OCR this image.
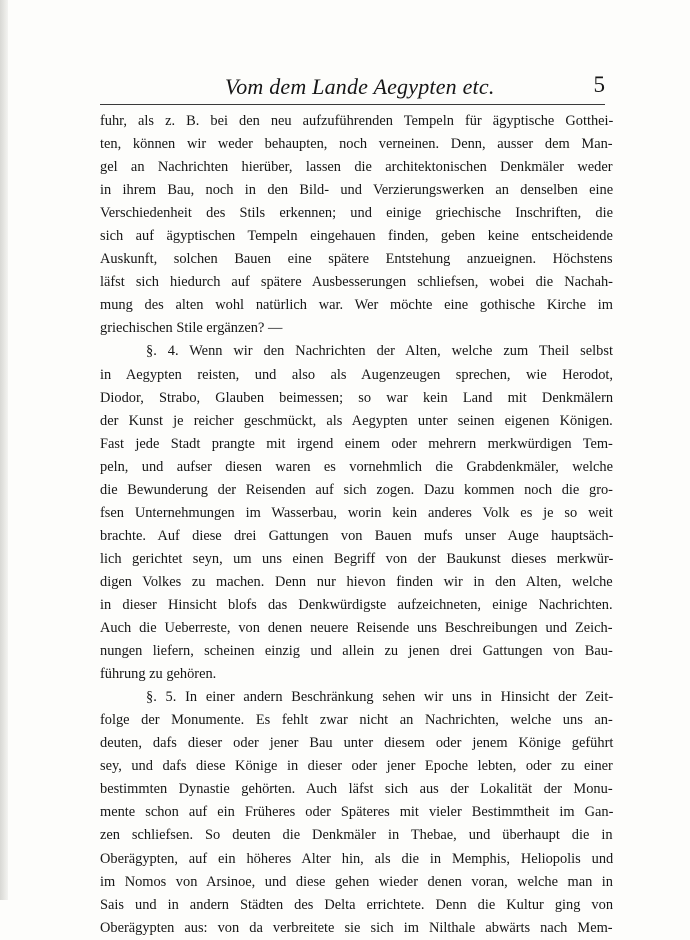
Vom dem Lande Aegypten etc.	5
fuhr, als z. B. bei den neu aufzuführenden Tempeln für ägyptische Gotthei-
ten, können wir weder behaupten, noch verneinen. Denn, ausser dem Man-
gel an Nachrichten hierüber, lassen die architektonischen Denkmäler weder
in ihrem Bau, noch in den Bild- und Verzierungswerken an denselben eine
Verschiedenheit des Stils erkennen; und einige griechische Inschriften, die
sich auf ägyptischen Tempeln eingehauen finden, geben keine entscheidende
Auskunft, solchen Bauen eine spätere Entstehung anzueignen. Höchstens
läfst sich hiedurch auf spätere Ausbesserungen schliefsen, wobei die Nachah-
mung des alten wohl natürlich war. Wer möchte eine gothische Kirche im
griechischen Stile ergänzen? —
§. 4. Wenn wir den Nachrichten der Alten, welche zum Theil selbst
in Aegypten reisten, und also als Augenzeugen sprechen, wie Herodot,
Diodor, Strabo, Glauben beimessen; so war kein Land mit Denkmälern
der Kunst je reicher geschmückt, als Aegypten unter seinen eigenen Königen.
Fast jede Stadt prangte mit irgend einem oder mehrern merkwürdigen Tem-
peln, und aufser diesen waren es vornehmlich die Grabdenkmäler, welche
die Bewunderung der Reisenden auf sich zogen. Dazu kommen noch die gro-
fsen Unternehmungen im Wasserbau, worin kein anderes Volk es je so weit
brachte. Auf diese drei Gattungen von Bauen mufs unser Auge hauptsäch-
lich gerichtet seyn, um uns einen Begriff von der Baukunst dieses merkwür-
digen Volkes zu machen. Denn nur hievon finden wir in den Alten, welche
in dieser Hinsicht blofs das Denkwürdigste aufzeichneten, einige Nachrichten.
Auch die Ueberreste, von denen neuere Reisende uns Beschreibungen und Zeich-
nungen liefern, scheinen einzig und allein zu jenen drei Gattungen von Bau-
führung zu gehören.
§. 5. In einer andern Beschränkung sehen wir uns in Hinsicht der Zeit-
folge der Monumente. Es fehlt zwar nicht an Nachrichten, welche uns an-
deuten, dafs dieser oder jener Bau unter diesem oder jenem Könige geführt
sey, und dafs diese Könige in dieser oder jener Epoche lebten, oder zu einer
bestimmten Dynastie gehörten. Auch läfst sich aus der Lokalität der Monu-
mente schon auf ein Früheres oder Späteres mit vieler Bestimmtheit im Gan-
zen schliefsen. So deuten die Denkmäler in Thebae, und überhaupt die in
Oberägypten, auf ein höheres Alter hin, als die in Memphis, Heliopolis und
im Nomos von Arsinoe, und diese gehen wieder denen voran, welche man in
Sais und in andern Städten des Delta errichtete. Denn die Kultur ging von
Oberägypten aus: von da verbreitete sie sich im Nilthale abwärts nach Mem-
